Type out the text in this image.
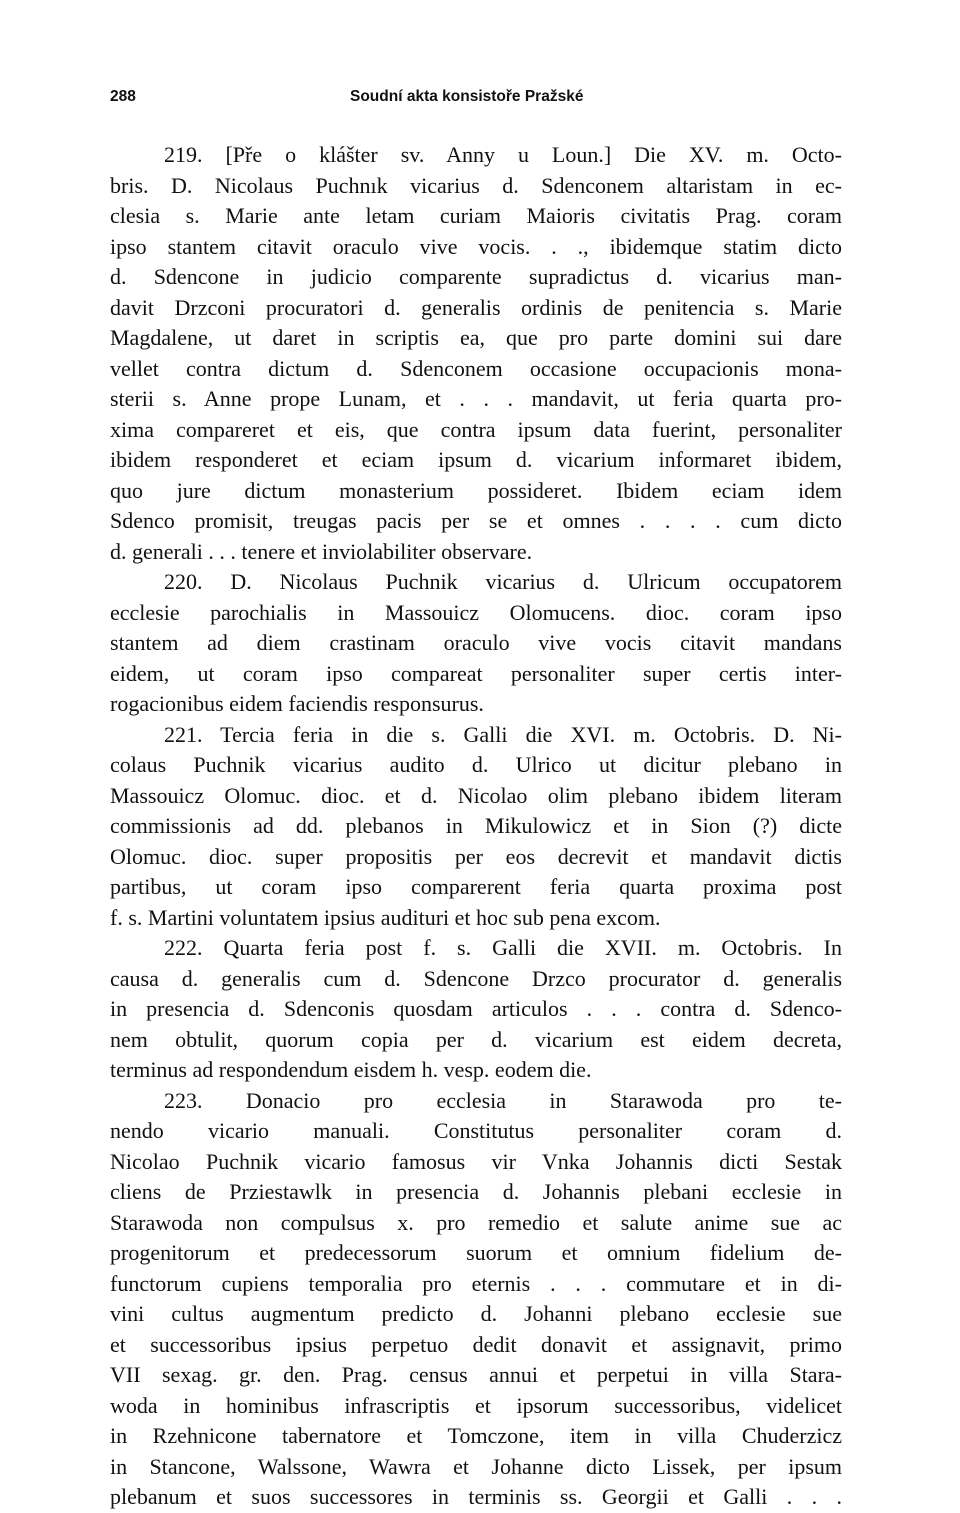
288	Soudní akta konsistoře Pražské
219. [Pře o klášter sv. Anny u Loun.] Die XV. m. Octo-
bris. D. Nicolaus Puchnık vicarius d. Sdenconem altaristam in ec-
clesia s. Marie ante letam curiam Maioris civitatis Prag. coram
ipso stantem citavit oraculo vive vocis. . ., ibidemque statim dicto
d. Sdencone in judicio comparente supradictus d. vicarius man-
davit Drzconi procuratori d. generalis ordinis de penitencia s. Marie
Magdalene, ut daret in scriptis ea, que pro parte domini sui dare
vellet contra dictum d. Sdenconem occasione occupacionis mona-
sterii s. Anne prope Lunam, et . . . mandavit, ut feria quarta pro-
xima compareret et eis, que contra ipsum data fuerint, personaliter
ibidem responderet et eciam ipsum d. vicarium informaret ibidem,
quo jure dictum monasterium possideret. Ibidem eciam idem
Sdenco promisit, treugas pacis per se et omnes . . . . cum dicto
d. generali . . . tenere et inviolabiliter observare.
220. D. Nicolaus Puchnik vicarius d. Ulricum occupatorem
ecclesie parochialis in Massouicz Olomucens. dioc. coram ipso
stantem ad diem crastinam oraculo vive vocis citavit mandans
eidem, ut coram ipso compareat personaliter super certis inter-
rogacionibus eidem faciendis responsurus.
221. Tercia feria in die s. Galli die XVI. m. Octobris. D. Ni-
colaus Puchnik vicarius audito d. Ulrico ut dicitur plebano in
Massouicz Olomuc. dioc. et d. Nicolao olim plebano ibidem literam
commissionis ad dd. plebanos in Mikulowicz et in Sion (?) dicte
Olomuc. dioc. super propositis per eos decrevit et mandavit dictis
partibus, ut coram ipso comparerent feria quarta proxima post
f. s. Martini voluntatem ipsius audituri et hoc sub pena excom.
222. Quarta feria post f. s. Galli die XVII. m. Octobris. In
causa d. generalis cum d. Sdencone Drzco procurator d. generalis
in presencia d. Sdenconis quosdam articulos . . . contra d. Sdenco-
nem obtulit, quorum copia per d. vicarium est eidem decreta,
terminus ad respondendum eisdem h. vesp. eodem die.
223. Donacio pro ecclesia in Starawoda pro te-
nendo vicario manuali. Constitutus personaliter coram d.
Nicolao Puchnik vicario famosus vir Vnka Johannis dicti Sestak
cliens de Prziestawlk in presencia d. Johannis plebani ecclesie in
Starawoda non compulsus x. pro remedio et salute anime sue ac
progenitorum et predecessorum suorum et omnium fidelium de-
functorum cupiens temporalia pro eternis . . . commutare et in di-
vini cultus augmentum predicto d. Johanni plebano ecclesie sue
et successoribus ipsius perpetuo dedit donavit et assignavit, primo
VII sexag. gr. den. Prag. census annui et perpetui in villa Stara-
woda in hominibus infrascriptis et ipsorum successoribus, videlicet
in Rzehnicone tabernatore et Tomczone, item in villa Chuderzicz
in Stancone, Walssone, Wawra et Johanne dicto Lissek, per ipsum
plebanum et suos successores in terminis ss. Georgii et Galli . . .
